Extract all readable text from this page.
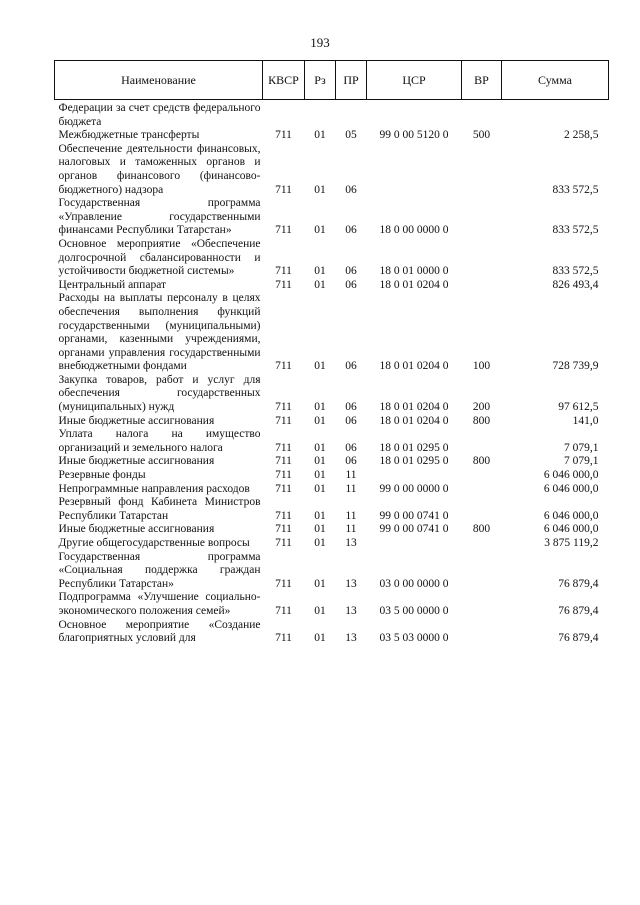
193
Наименование	КВСР	Рз	ПР	ЦСР	ВР	Сумма

Федерации за счет средств федерального бюджета						
Межбюджетные трансферты	711	01	05	99 0 00 5120 0	500	2 258,5
Обеспечение деятельности финансовых, налоговых и таможенных органов и органов финансового (финансово-бюджетного) надзора	711	01	06			833 572,5
Государственная программа «Управление государственными финансами Республики Татарстан»	711	01	06	18 0 00 0000 0		833 572,5
Основное мероприятие «Обеспечение долгосрочной сбалансированности и устойчивости бюджетной системы»	711	01	06	18 0 01 0000 0		833 572,5
Центральный аппарат	711	01	06	18 0 01 0204 0		826 493,4
Расходы на выплаты персоналу в целях обеспечения выполнения функций государственными (муниципальными) органами, казенными учреждениями, органами управления государственными внебюджетными фондами	711	01	06	18 0 01 0204 0	100	728 739,9
Закупка товаров, работ и услуг для обеспечения государственных (муниципальных) нужд	711	01	06	18 0 01 0204 0	200	97 612,5
Иные бюджетные ассигнования	711	01	06	18 0 01 0204 0	800	141,0
Уплата налога на имущество организаций и земельного налога	711	01	06	18 0 01 0295 0		7 079,1
Иные бюджетные ассигнования	711	01	06	18 0 01 0295 0	800	7 079,1
Резервные фонды	711	01	11			6 046 000,0
Непрограммные направления расходов	711	01	11	99 0 00 0000 0		6 046 000,0
Резервный фонд Кабинета Министров Республики Татарстан	711	01	11	99 0 00 0741 0		6 046 000,0
Иные бюджетные ассигнования	711	01	11	99 0 00 0741 0	800	6 046 000,0
Другие общегосударственные вопросы	711	01	13			3 875 119,2
Государственная программа «Социальная поддержка граждан Республики Татарстан»	711	01	13	03 0 00 0000 0		76 879,4
Подпрограмма «Улучшение социально-экономического положения семей»	711	01	13	03 5 00 0000 0		76 879,4
Основное мероприятие «Создание благоприятных условий для	711	01	13	03 5 03 0000 0		76 879,4
